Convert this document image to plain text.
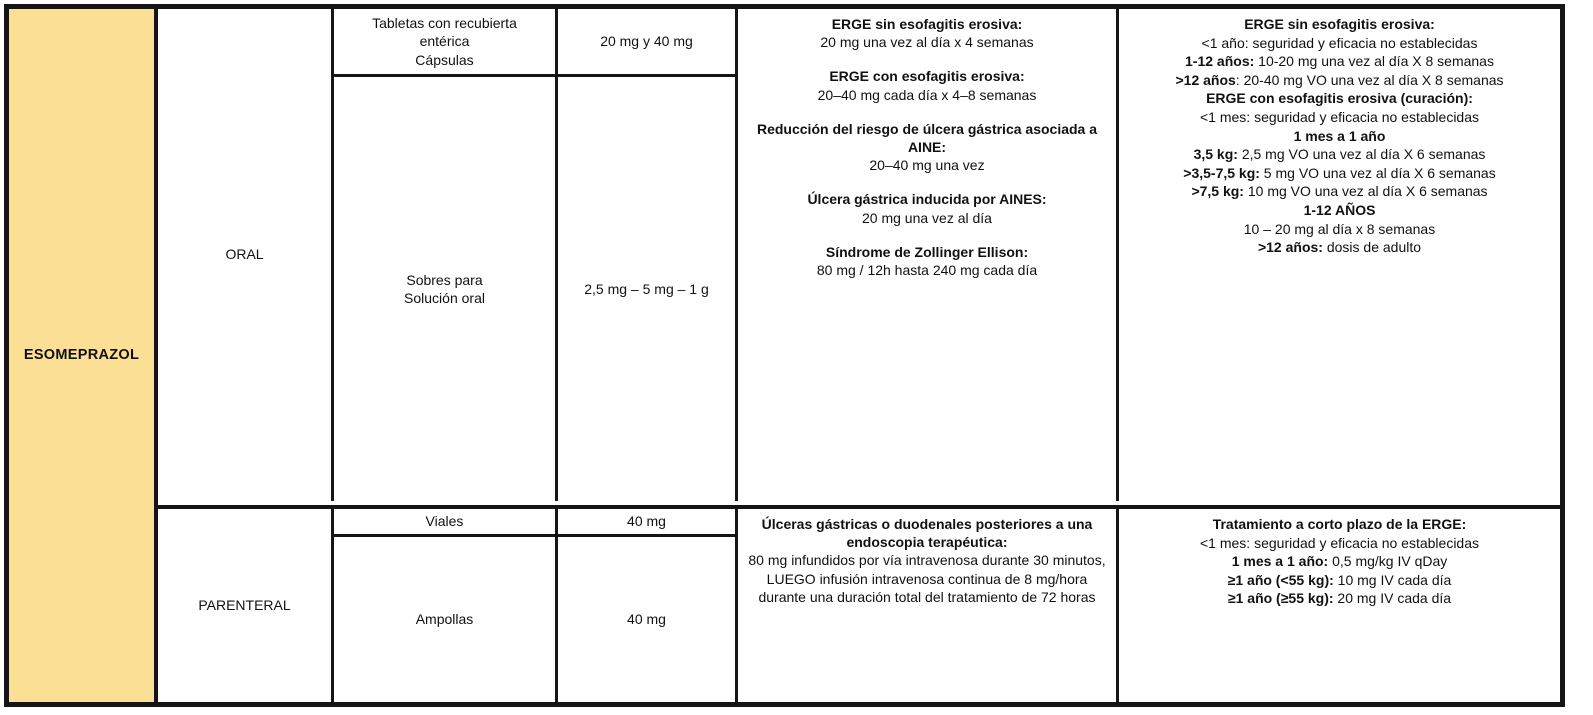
ESOMEPRAZOL
ORAL
Tabletas con recubierta
entérica
Cápsulas
Sobres para
Solución oral
20 mg y 40 mg
2,5 mg – 5 mg – 1 g
ERGE sin esofagitis erosiva:
20 mg una vez al día x 4 semanas
ERGE con esofagitis erosiva:
20–40 mg cada día x 4–8 semanas
Reducción del riesgo de úlcera gástrica asociada a AINE:
20–40 mg una vez
Úlcera gástrica inducida por AINES:
20 mg una vez al día
Síndrome de Zollinger Ellison:
80 mg / 12h hasta 240 mg cada día
ERGE sin esofagitis erosiva:
<1 año: seguridad y eficacia no establecidas
1-12 años: 10-20 mg una vez al día X 8 semanas
>12 años: 20-40 mg VO una vez al día X 8 semanas
ERGE con esofagitis erosiva (curación):
<1 mes: seguridad y eficacia no establecidas
1 mes a 1 año
3,5 kg: 2,5 mg VO una vez al día X 6 semanas
>3,5-7,5 kg: 5 mg VO una vez al día X 6 semanas
>7,5 kg: 10 mg VO una vez al día X 6 semanas
1-12 AÑOS
10 – 20 mg al día x 8 semanas
>12 años: dosis de adulto
PARENTERAL
Viales
Ampollas
40 mg
40 mg
Úlceras gástricas o duodenales posteriores a una endoscopia terapéutica:
80 mg infundidos por vía intravenosa durante 30 minutos,
LUEGO infusión intravenosa continua de 8 mg/hora
durante una duración total del tratamiento de 72 horas
Tratamiento a corto plazo de la ERGE:
<1 mes: seguridad y eficacia no establecidas
1 mes a 1 año: 0,5 mg/kg IV qDay
≥1 año (<55 kg): 10 mg IV cada día
≥1 año (≥55 kg): 20 mg IV cada día
